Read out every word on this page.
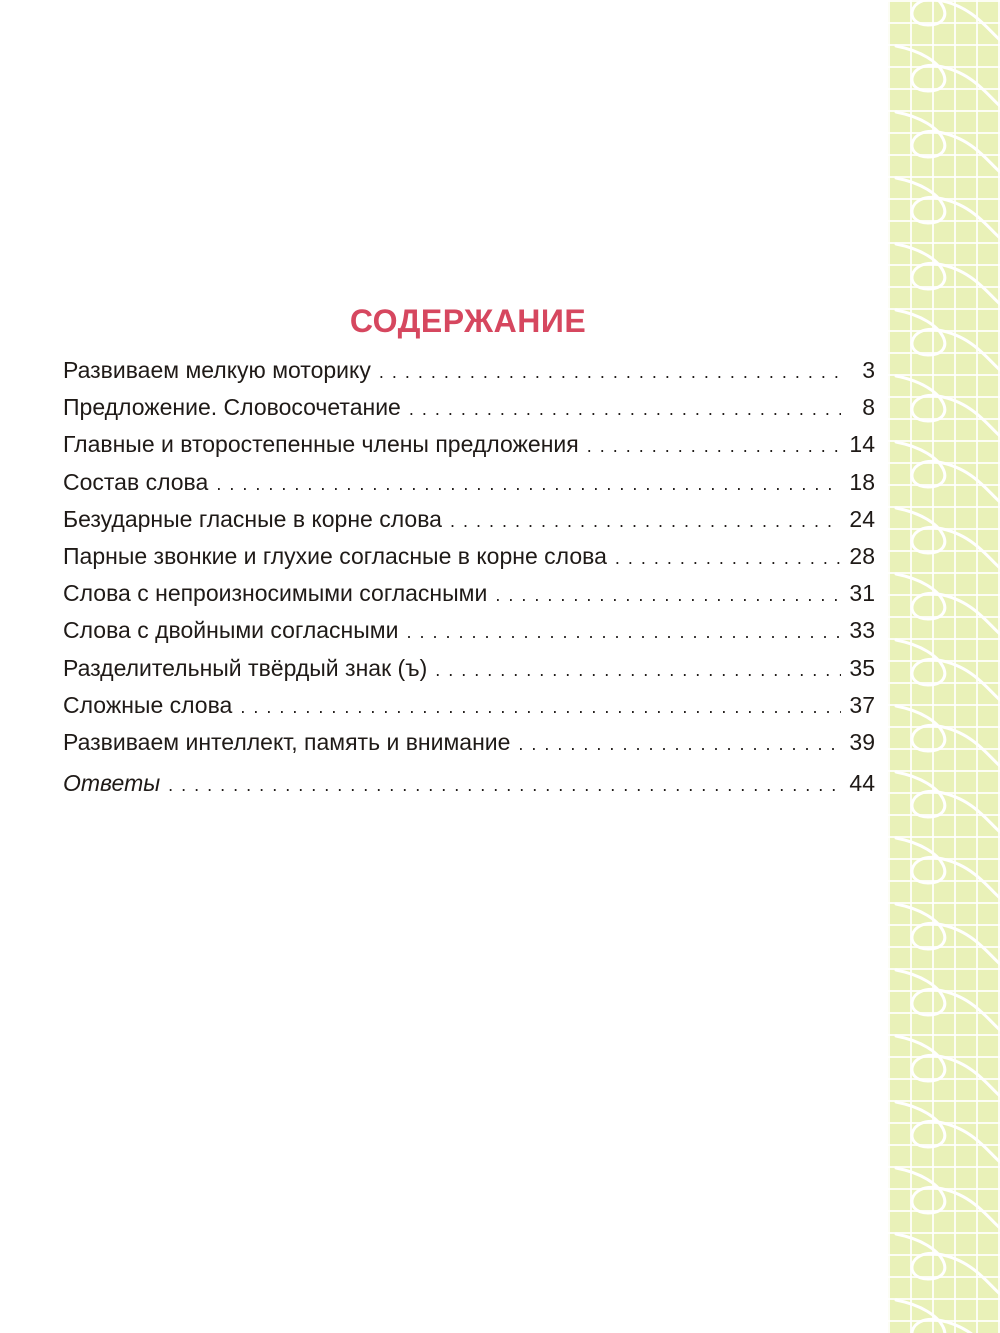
СОДЕРЖАНИЕ
Развиваем мелкую моторику . . .	3
Предложение. Словосочетание . . .	8
Главные и второстепенные члены предложения . . .	14
Состав слова . . .	18
Безударные гласные в корне слова . . .	24
Парные звонкие и глухие согласные в корне слова . . .	28
Слова с непроизносимыми согласными . . .	31
Слова с двойными согласными . . .	33
Разделительный твёрдый знак (ъ) . . .	35
Сложные слова . . .	37
Развиваем интеллект, память и внимание . . .	39
Ответы . . .	44
